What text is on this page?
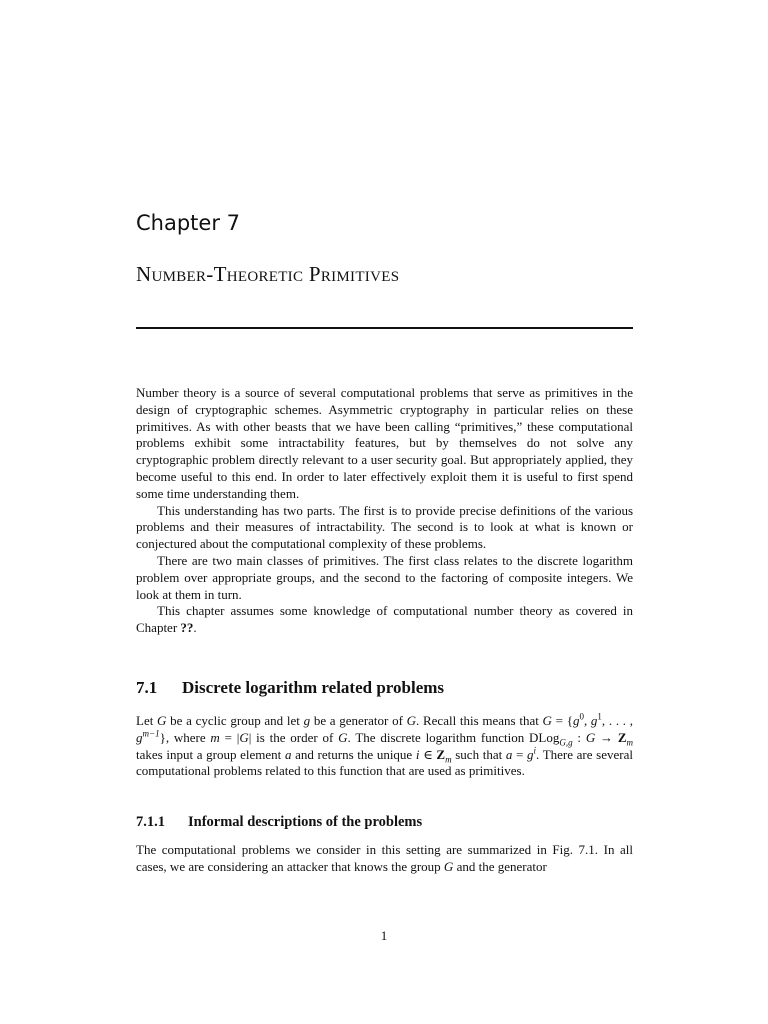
Chapter 7
Number-Theoretic Primitives

Number theory is a source of several computational problems that serve as primitives in the design of cryptographic schemes. Asymmetric cryptography in particular relies on these primitives. As with other beasts that we have been calling “primitives,” these computational problems exhibit some intractability features, but by themselves do not solve any cryptographic problem directly relevant to a user security goal. But appropriately applied, they become useful to this end. In order to later effectively exploit them it is useful to first spend some time understanding them.

This understanding has two parts. The first is to provide precise definitions of the various problems and their measures of intractability. The second is to look at what is known or conjectured about the computational complexity of these problems.

There are two main classes of primitives. The first class relates to the discrete logarithm problem over appropriate groups, and the second to the factoring of composite integers. We look at them in turn.

This chapter assumes some knowledge of computational number theory as covered in Chapter ??.

7.1 Discrete logarithm related problems

Let G be a cyclic group and let g be a generator of G. Recall this means that $G = \{g^0$, $g^1$, . . . , $g^{m-1}$}, where m = |G| is the order of G. The discrete logarithm function DLog$_{G,g}$ : $G \to Z_m$ takes input a group element a and returns the unique i ∈ $Z_m$ such that $a = g^i$. There are several computational problems related to this function that are used as primitives.

7.1.1 Informal descriptions of the problems

The computational problems we consider in this setting are summarized in Fig. 7.1. In all cases, we are considering an attacker that knows the group G and the generator

1
